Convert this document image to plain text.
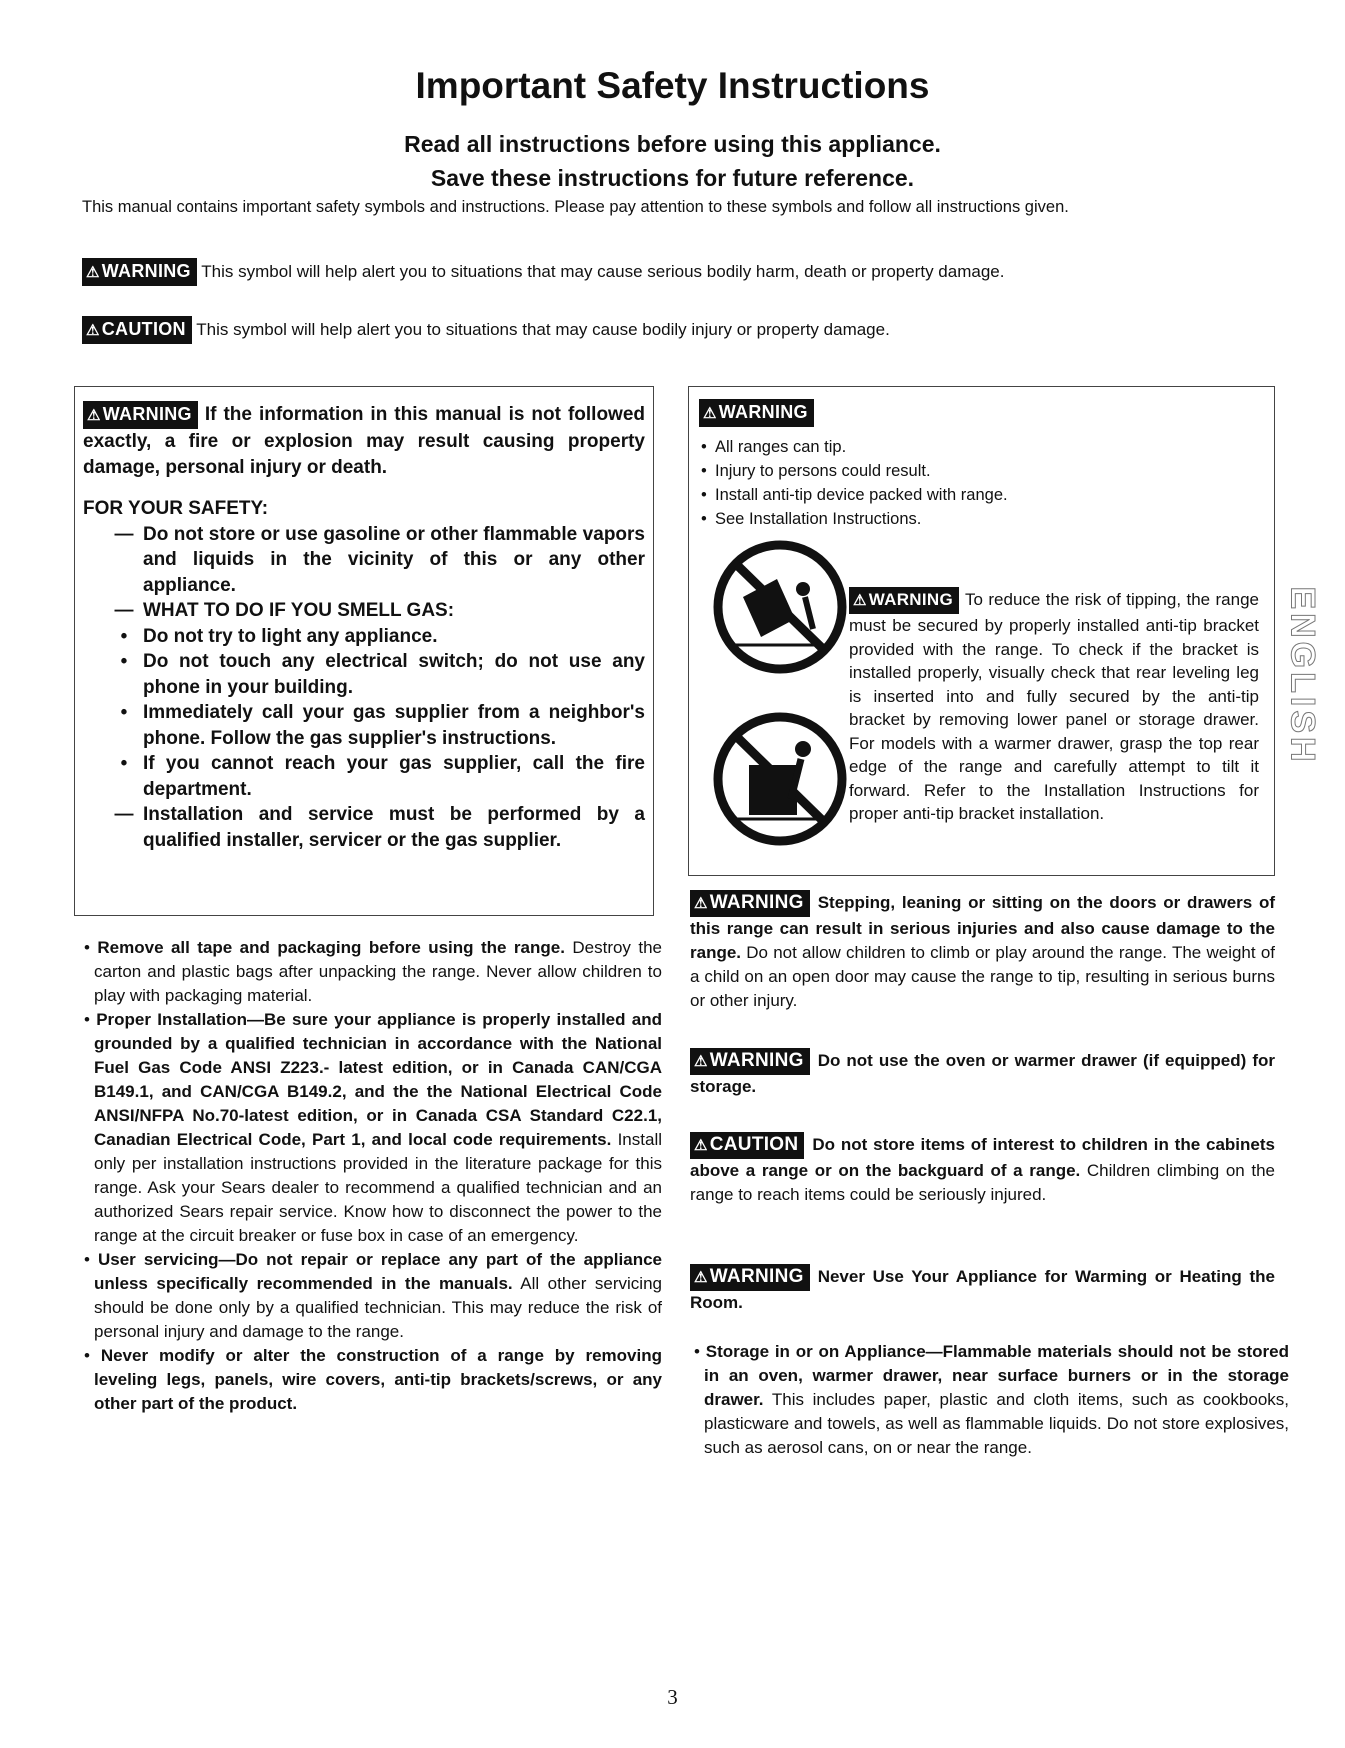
Important Safety Instructions
Read all instructions before using this appliance.
Save these instructions for future reference.
This manual contains important safety symbols and instructions. Please pay attention to these symbols and follow all instructions given.
⚠ WARNING This symbol will help alert you to situations that may cause serious bodily harm, death or property damage.
⚠ CAUTION This symbol will help alert you to situations that may cause bodily injury or property damage.

⚠ WARNING If the information in this manual is not followed exactly, a fire or explosion may result causing property damage, personal injury or death.

FOR YOUR SAFETY:

— Do not store or use gasoline or other flammable vapors and liquids in the vicinity of this or any other appliance.
— WHAT TO DO IF YOU SMELL GAS:
• Do not try to light any appliance.
• Do not touch any electrical switch; do not use any phone in your building.
• Immediately call your gas supplier from a neighbor's phone. Follow the gas supplier's instructions.
• If you cannot reach your gas supplier, call the fire department.
— Installation and service must be performed by a qualified installer, servicer or the gas supplier.
⚠ WARNING
• All ranges can tip.
• Injury to persons could result.
• Install anti-tip device packed with range.
• See Installation Instructions.
⚠ WARNING To reduce the risk of tipping, the range must be secured by properly installed anti-tip bracket provided with the range. To check if the bracket is installed properly, visually check that rear leveling leg is inserted into and fully secured by the anti-tip bracket by removing lower panel or storage drawer. For models with a warmer drawer, grasp the top rear edge of the range and carefully attempt to tilt it forward. Refer to the Installation Instructions for proper anti-tip bracket installation.
ENGLISH

• Remove all tape and packaging before using the range. Destroy the carton and plastic bags after unpacking the range. Never allow children to play with packaging material.

• Proper Installation—Be sure your appliance is properly installed and grounded by a qualified technician in accordance with the National Fuel Gas Code ANSI Z223.- latest edition, or in Canada CAN/CGA B149.1, and CAN/CGA B149.2, and the the National Electrical Code ANSI/NFPA No.70-latest edition, or in Canada CSA Standard C22.1, Canadian Electrical Code, Part 1, and local code requirements. Install only per installation instructions provided in the literature package for this range. Ask your Sears dealer to recommend a qualified technician and an authorized Sears repair service. Know how to disconnect the power to the range at the circuit breaker or fuse box in case of an emergency.

• User servicing—Do not repair or replace any part of the appliance unless specifically recommended in the manuals. All other servicing should be done only by a qualified technician. This may reduce the risk of personal injury and damage to the range.

• Never modify or alter the construction of a range by removing leveling legs, panels, wire covers, anti-tip brackets/screws, or any other part of the product.

⚠ WARNING Stepping, leaning or sitting on the doors or drawers of this range can result in serious injuries and also cause damage to the range. Do not allow children to climb or play around the range. The weight of a child on an open door may cause the range to tip, resulting in serious burns or other injury.
⚠ WARNING Do not use the oven or warmer drawer (if equipped) for storage.
⚠ CAUTION Do not store items of interest to children in the cabinets above a range or on the backguard of a range. Children climbing on the range to reach items could be seriously injured.
⚠ WARNING Never Use Your Appliance for Warming or Heating the Room.
• Storage in or on Appliance—Flammable materials should not be stored in an oven, warmer drawer, near surface burners or in the storage drawer. This includes paper, plastic and cloth items, such as cookbooks, plasticware and towels, as well as flammable liquids. Do not store explosives, such as aerosol cans, on or near the range.
3
